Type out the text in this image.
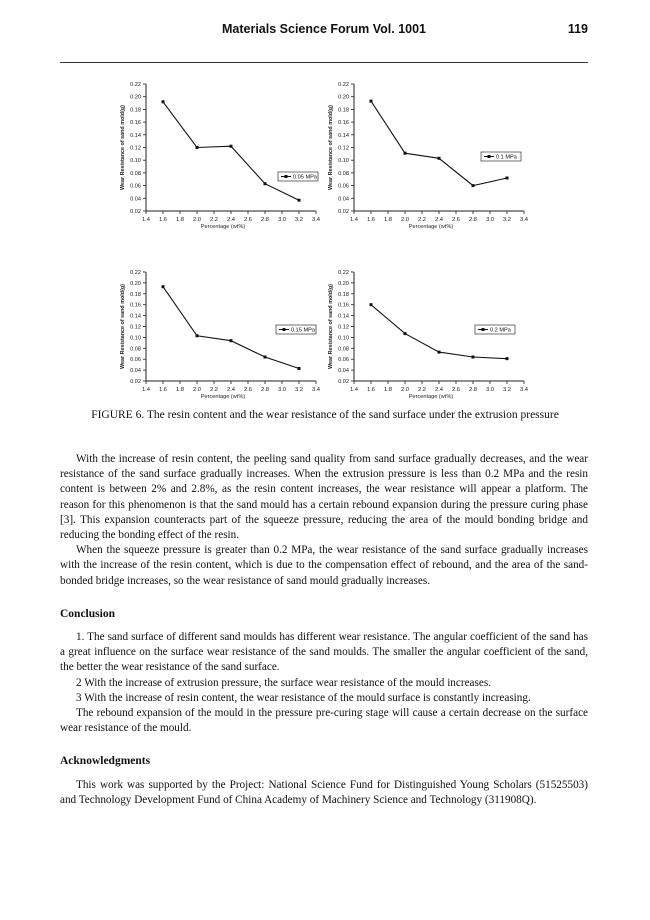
Materials Science Forum Vol. 1001	119
0.02
0.04
0.06
0.08
0.10
0.12
0.14
0.16
0.18
0.20
0.22
1.4 1.6 1.8 2.0 2.2 2.4 2.6 2.8 3.0 3.2 3.4
Percentage (wt%)
Wear Resistance of sand mold(g)	0.05 MPa
0.02
0.04
0.06
0.08
0.10
0.12
0.14
0.16
0.18
0.20
0.22
1.4 1.6 1.8 2.0 2.2 2.4 2.6 2.8 3.0 3.2 3.4
Percentage (wt%)
Wear Resistance of sand mold(g)	0.1 MPa
0.02
0.04
0.06
0.08
0.10
0.12
0.14
0.16
0.18
0.20
0.22
1.4 1.6 1.8 2.0 2.2 2.4 2.6 2.8 3.0 3.2 3.4
Percentage (wt%)
Wear Resistance of sand mold(g)	0.15 MPa
0.02
0.04
0.06
0.08
0.10
0.12
0.14
0.16
0.18
0.20
0.22
1.4 1.6 1.8 2.0 2.2 2.4 2.6 2.8 3.0 3.2 3.4
Percentage (wt%)
Wear Resistance of sand mold(g)	0.2 MPa
FIGURE 6. The resin content and the wear resistance of the sand surface under the extrusion pressure

With the increase of resin content, the peeling sand quality from sand surface gradually decreases, and the wear resistance of the sand surface gradually increases. When the extrusion pressure is less than 0.2 MPa and the resin content is between 2% and 2.8%, as the resin content increases, the wear resistance will appear a platform. The reason for this phenomenon is that the sand mould has a certain rebound expansion during the pressure curing phase [3]. This expansion counteracts part of the squeeze pressure, reducing the area of the mould bonding bridge and reducing the bonding effect of the resin.

When the squeeze pressure is greater than 0.2 MPa, the wear resistance of the sand surface gradually increases with the increase of the resin content, which is due to the compensation effect of rebound, and the area of the sand-bonded bridge increases, so the wear resistance of sand mould gradually increases.

Conclusion

1. The sand surface of different sand moulds has different wear resistance. The angular coefficient of the sand has a great influence on the surface wear resistance of the sand moulds. The smaller the angular coefficient of the sand, the better the wear resistance of the sand surface.

2 With the increase of extrusion pressure, the surface wear resistance of the mould increases.

3 With the increase of resin content, the wear resistance of the mould surface is constantly increasing.

The rebound expansion of the mould in the pressure pre-curing stage will cause a certain decrease on the surface wear resistance of the mould.

Acknowledgments

This work was supported by the Project: National Science Fund for Distinguished Young Scholars (51525503) and Technology Development Fund of China Academy of Machinery Science and Technology (311908Q).
